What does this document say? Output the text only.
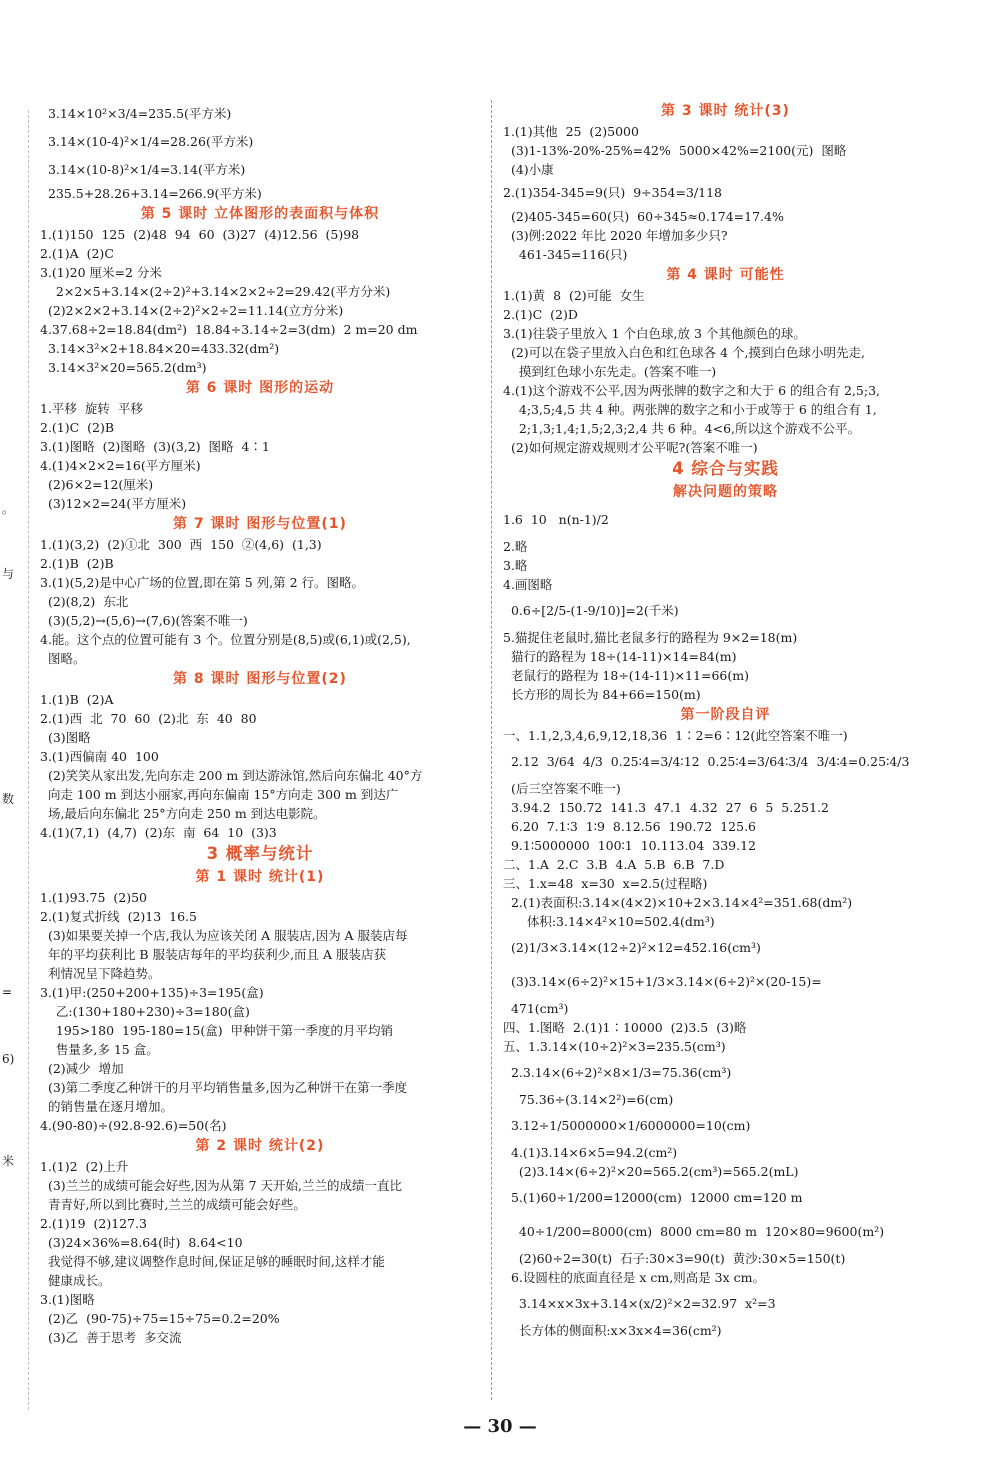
。
与
数
=
6)
米
3.14×10²×3/4=235.5(平方米)
3.14×(10-4)²×1/4=28.26(平方米)
3.14×(10-8)²×1/4=3.14(平方米)
235.5+28.26+3.14=266.9(平方米)
第 5 课时 立体图形的表面积与体积
1.(1)150  125  (2)48  94  60  (3)27  (4)12.56  (5)98
2.(1)A  (2)C
3.(1)20 厘米=2 分米
2×2×5+3.14×(2÷2)²+3.14×2×2÷2=29.42(平方分米)
(2)2×2×2+3.14×(2÷2)²×2÷2=11.14(立方分米)
4.37.68÷2=18.84(dm²)  18.84÷3.14÷2=3(dm)  2 m=20 dm
3.14×3²×2+18.84×20=433.32(dm²)
3.14×3²×20=565.2(dm³)
第 6 课时 图形的运动
1.平移  旋转  平移
2.(1)C  (2)B
3.(1)图略  (2)图略  (3)(3,2)  图略  4∶1
4.(1)4×2×2=16(平方厘米)
(2)6×2=12(厘米)
(3)12×2=24(平方厘米)
第 7 课时 图形与位置(1)
1.(1)(3,2)  (2)①北  300  西  150  ②(4,6)  (1,3)
2.(1)B  (2)B
3.(1)(5,2)是中心广场的位置,即在第 5 列,第 2 行。图略。
(2)(8,2)  东北
(3)(5,2)→(5,6)→(7,6)(答案不唯一)
4.能。这个点的位置可能有 3 个。位置分别是(8,5)或(6,1)或(2,5),
图略。
第 8 课时 图形与位置(2)
1.(1)B  (2)A
2.(1)西  北  70  60  (2)北  东  40  80
(3)图略
3.(1)西偏南 40  100
(2)笑笑从家出发,先向东走 200 m 到达游泳馆,然后向东偏北 40°方
向走 100 m 到达小丽家,再向东偏南 15°方向走 300 m 到达广
场,最后向东偏北 25°方向走 250 m 到达电影院。
4.(1)(7,1)  (4,7)  (2)东  南  64  10  (3)3
3 概率与统计
第 1 课时 统计(1)
1.(1)93.75  (2)50
2.(1)复式折线  (2)13  16.5
(3)如果要关掉一个店,我认为应该关闭 A 服装店,因为 A 服装店每
年的平均获利比 B 服装店每年的平均获利少,而且 A 服装店获
利情况呈下降趋势。
3.(1)甲:(250+200+135)÷3=195(盒)
乙:(130+180+230)÷3=180(盒)
195>180  195-180=15(盒)  甲种饼干第一季度的月平均销
售量多,多 15 盒。
(2)减少  增加
(3)第二季度乙种饼干的月平均销售量多,因为乙种饼干在第一季度
的销售量在逐月增加。
4.(90-80)÷(92.8-92.6)=50(名)
第 2 课时 统计(2)
1.(1)2  (2)上升
(3)兰兰的成绩可能会好些,因为从第 7 天开始,兰兰的成绩一直比
青青好,所以到比赛时,兰兰的成绩可能会好些。
2.(1)19  (2)127.3
(3)24×36%=8.64(时)  8.64<10
我觉得不够,建议调整作息时间,保证足够的睡眠时间,这样才能
健康成长。
3.(1)图略
(2)乙  (90-75)÷75=15÷75=0.2=20%
(3)乙  善于思考  多交流
第 3 课时 统计(3)
1.(1)其他  25  (2)5000
(3)1-13%-20%-25%=42%  5000×42%=2100(元)  图略
(4)小康
2.(1)354-345=9(只)  9÷354=3/118
(2)405-345=60(只)  60÷345≈0.174=17.4%
(3)例:2022 年比 2020 年增加多少只?
461-345=116(只)
第 4 课时 可能性
1.(1)黄  8  (2)可能  女生
2.(1)C  (2)D
3.(1)往袋子里放入 1 个白色球,放 3 个其他颜色的球。
(2)可以在袋子里放入白色和红色球各 4 个,摸到白色球小明先走,
摸到红色球小东先走。(答案不唯一)
4.(1)这个游戏不公平,因为两张牌的数字之和大于 6 的组合有 2,5;3,
4;3,5;4,5 共 4 种。两张牌的数字之和小于或等于 6 的组合有 1,
2;1,3;1,4;1,5;2,3;2,4 共 6 种。4<6,所以这个游戏不公平。
(2)如何规定游戏规则才公平呢?(答案不唯一)
4 综合与实践
解决问题的策略
1.6  10   n(n-1)/2
2.略
3.略
4.画图略
0.6÷[2/5-(1-9/10)]=2(千米)
5.猫捉住老鼠时,猫比老鼠多行的路程为 9×2=18(m)
猫行的路程为 18÷(14-11)×14=84(m)
老鼠行的路程为 18÷(14-11)×11=66(m)
长方形的周长为 84+66=150(m)
第一阶段自评
一、1.1,2,3,4,6,9,12,18,36  1∶2=6∶12(此空答案不唯一)
2.12  3/64  4/3  0.25∶4=3/4∶12  0.25∶4=3/64∶3/4  3/4∶4=0.25∶4/3
(后三空答案不唯一)
3.94.2  150.72  141.3  47.1  4.32  27  6  5  5.251.2
6.20  7.1∶3  1∶9  8.12.56  190.72  125.6
9.1∶5000000  100∶1  10.113.04  339.12
二、1.A  2.C  3.B  4.A  5.B  6.B  7.D
三、1.x=48  x=30  x=2.5(过程略)
2.(1)表面积:3.14×(4×2)×10+2×3.14×4²=351.68(dm²)
体积:3.14×4²×10=502.4(dm³)
(2)1/3×3.14×(12÷2)²×12=452.16(cm³)
(3)3.14×(6÷2)²×15+1/3×3.14×(6÷2)²×(20-15)=
471(cm³)
四、1.图略  2.(1)1∶10000  (2)3.5  (3)略
五、1.3.14×(10÷2)²×3=235.5(cm³)
2.3.14×(6÷2)²×8×1/3=75.36(cm³)
75.36÷(3.14×2²)=6(cm)
3.12÷1/5000000×1/6000000=10(cm)
4.(1)3.14×6×5=94.2(cm²)
(2)3.14×(6÷2)²×20=565.2(cm³)=565.2(mL)
5.(1)60÷1/200=12000(cm)  12000 cm=120 m
40÷1/200=8000(cm)  8000 cm=80 m  120×80=9600(m²)
(2)60÷2=30(t)  石子:30×3=90(t)  黄沙:30×5=150(t)
6.设圆柱的底面直径是 x cm,则高是 3x cm。
3.14×x×3x+3.14×(x/2)²×2=32.97  x²=3
长方体的侧面积:x×3x×4=36(cm²)
— 30 —
